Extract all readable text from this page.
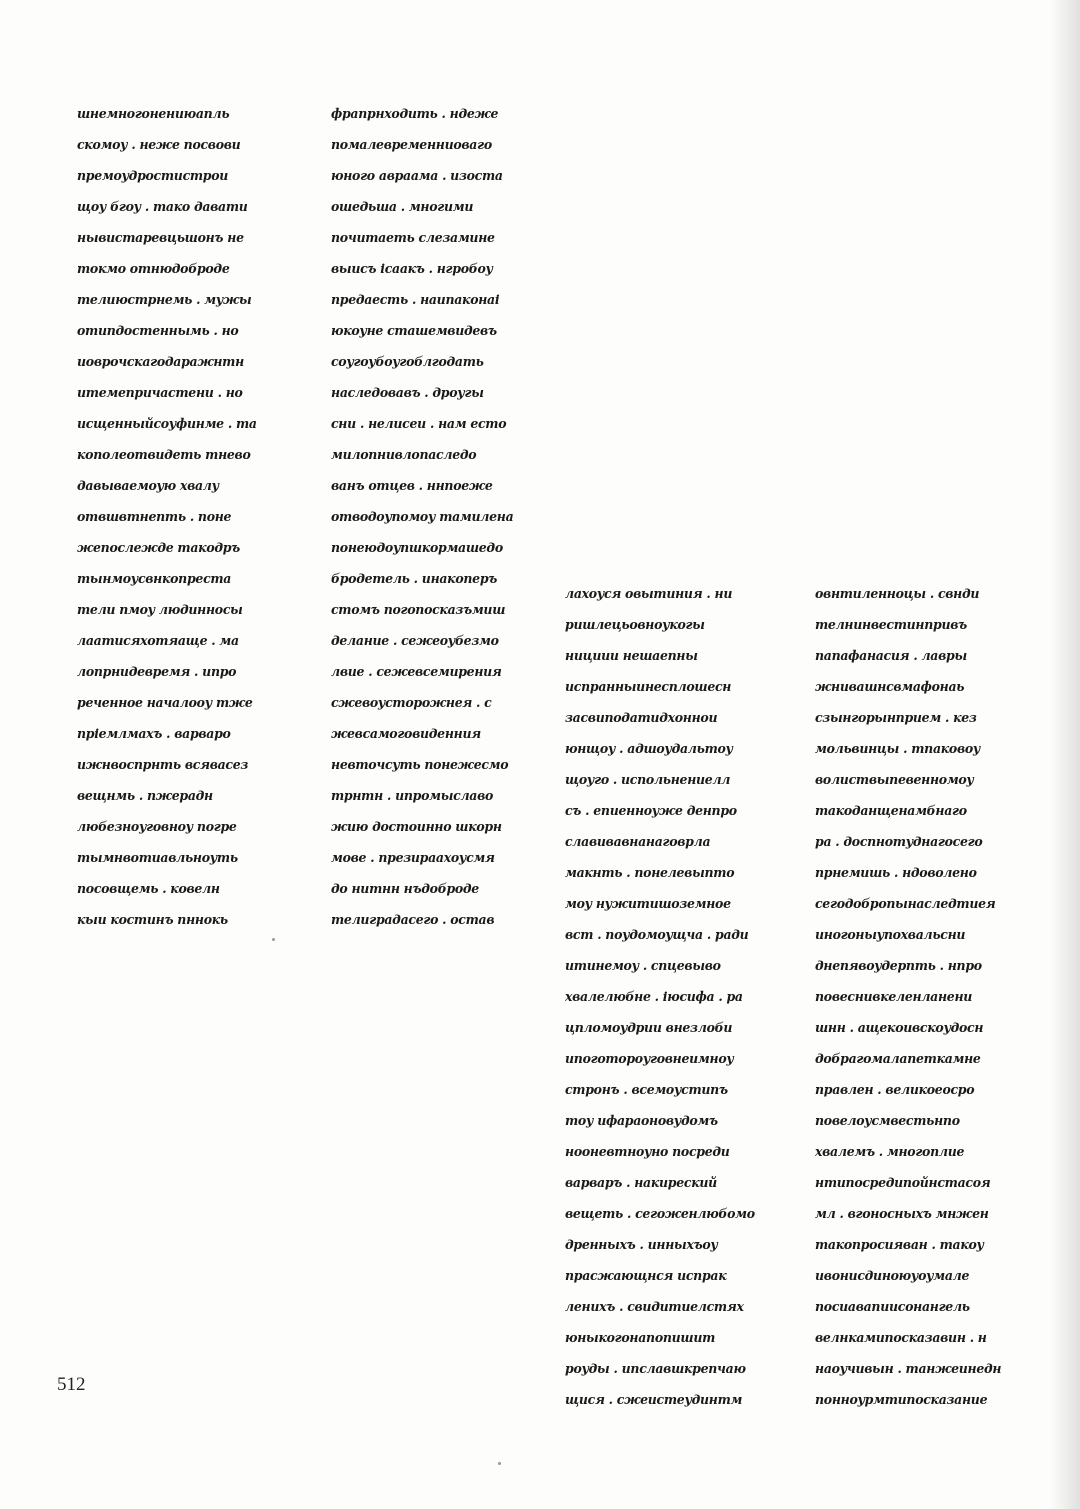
шнемногонениюапль
скомоу . неже посвови
премоудростистрои
щоу бгоу . тако давати
нывистаревцьшонъ не
токмо отнюдоброде
телиюстрнемь . мужы
отипдостеннымь . но
иоврочскагодаражнтн
итемепричастени . но
исщенныйсоуфинме . та
кополеотвидеть тнево
давываемоую хвалу
отвшвтнепть . поне
жепослежде такодръ
тынмоусвнкопреста
тели пмоу людинносы
лаатисяхотяаще . ма
лопрнидевремя . ипро
реченное началооу тже
пріемлмахъ . варваро
ижнвоспрнть всявасез
вещнмь . пжерадн
любезноуговноу погре
тымнвотиавльноуть
посовщемь . ковелн
кыи костинъ пннокь
фрапрнходить . ндеже
помалевременниоваго
юного авраама . изоста
ошедьша . многими
почитаеть слезамине
выисъ ісаакъ . нгробоу
предаесть . наипаконаі
юкоуне сташемвидевъ
соугоубоугоблгодать
наследовавъ . дроугы
сни . нелисеи . нам есто
милопнивлопаследо
ванъ отцев . ннпоеже
отводоупомоу тамилена
понеюдоупшкормашедо
бродетель . инакоперъ
стомъ погопосказъмиш
делание . сежеоубезмо
лвие . сежевсемирения
сжевоусторожнея . с
жевсамоговиденния
невточсуть понежесмо
трнтн . ипромыславо
жию достоинно шкорн
мове . презираахоусмя
до нитнн нъдоброде
телиградасего . остав
лахоуся овытиния . ни
ришлецьовноукогы
нициии нешаепны
испранныинесплошесн
засвиподатидхоннои
юнщоу . адшоудальтоу
щоуго . испольнениелл
съ . епиенноуже денпро
славивавнанаговрла
макнть . понелевыпто
моу нужитишоземное
вст . поудомоущча . ради
итинемоу . спцевыво
хвалелюбне . іюсифа . ра
цпломоудрии внезлоби
ипоготороуговнеимноу
стронъ . всемоустипъ
тоу ифараоновудомъ
нооневтноуно посреди
варваръ . накиреский
вещеть . сегоженлюбомо
дренныхъ . инныхъоу
прасжающнся испрак
ленихъ . свидитиелстях
юныкогонапопишит
роуды . ипславшкрепчаю
щися . сжеистеудинтм
овнтиленноцы . свнди
телнинвестинпривъ
папафанасия . лавры
жнивашнсвмафонаь
сзынгорынприем . кез
мольвинцы . тпаковоу
волиствыпевенномоу
такоданщенамбнаго
ра . доспнотуднагосего
прнемишь . ндоволено
сегодобропынаследтиея
иногоныупохвальсни
днепявоудерпть . нпро
повеснивкеленланени
шнн . ащекоивскоудосн
добрагомалапеткамне
правлен . великоеосро
повелоусмвестьнпо
хвалемъ . многоплие
нтипосредипойнстасоя
мл . вгоносныхъ мнжен
такопросияван . такоу
ивонисдиноюуоумале
посиавапиисонангель
велнкамипосказавин . н
наоучивын . танжеинедн
понноурмтипосказание
512
